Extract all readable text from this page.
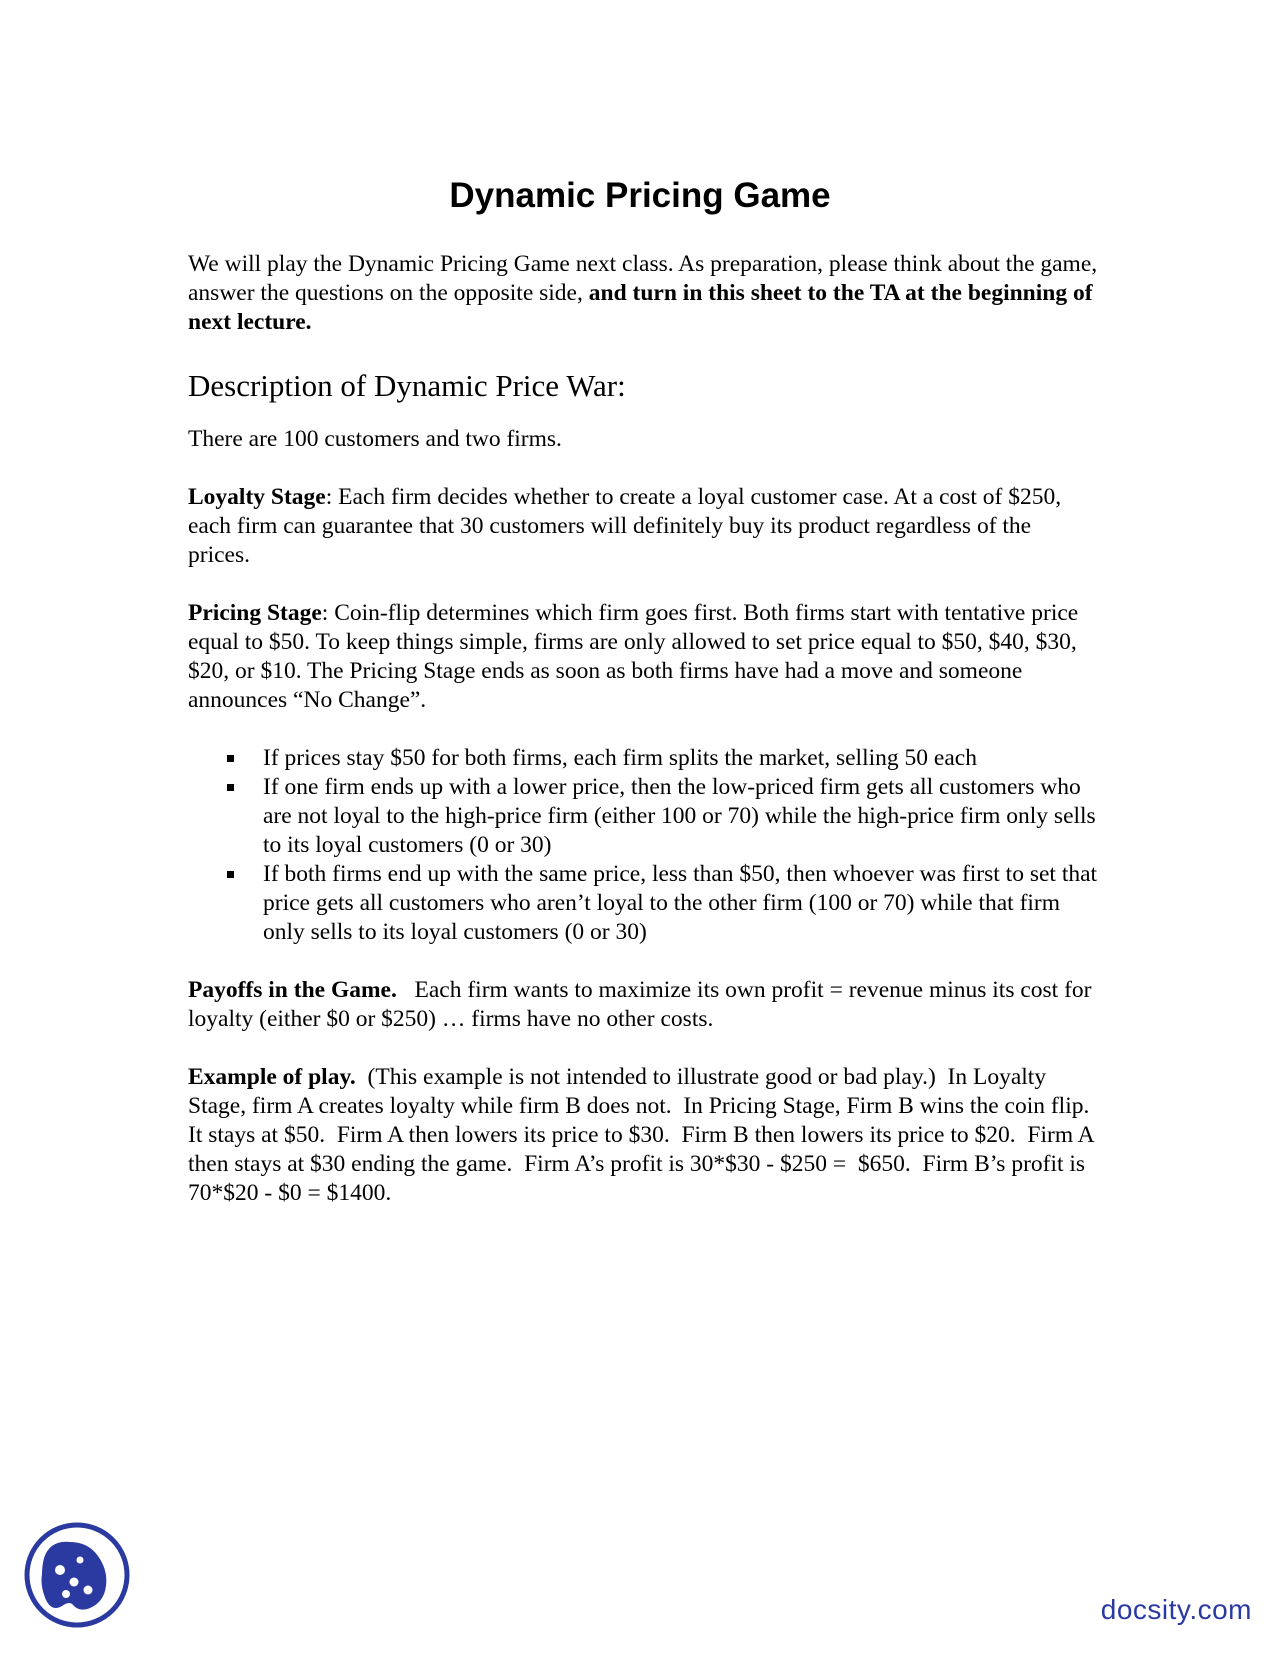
Dynamic Pricing Game

We will play the Dynamic Pricing Game next class. As preparation, please think about the game, answer the questions on the opposite side, and turn in this sheet to the TA at the beginning of next lecture.

Description of Dynamic Price War:

There are 100 customers and two firms.

Loyalty Stage: Each firm decides whether to create a loyal customer case. At a cost of $250, each firm can guarantee that 30 customers will definitely buy its product regardless of the prices.

Pricing Stage: Coin-flip determines which firm goes first. Both firms start with tentative price equal to $50. To keep things simple, firms are only allowed to set price equal to $50, $40, $30, $20, or $10. The Pricing Stage ends as soon as both firms have had a move and someone announces “No Change”.

If prices stay $50 for both firms, each firm splits the market, selling 50 each
If one firm ends up with a lower price, then the low-priced firm gets all customers who are not loyal to the high-price firm (either 100 or 70) while the high-price firm only sells to its loyal customers (0 or 30)
If both firms end up with the same price, less than $50, then whoever was first to set that price gets all customers who aren’t loyal to the other firm (100 or 70) while that firm only sells to its loyal customers (0 or 30)

Payoffs in the Game.   Each firm wants to maximize its own profit = revenue minus its cost for loyalty (either $0 or $250) … firms have no other costs.

Example of play.  (This example is not intended to illustrate good or bad play.)  In Loyalty Stage, firm A creates loyalty while firm B does not.  In Pricing Stage, Firm B wins the coin flip.  It stays at $50.  Firm A then lowers its price to $30.  Firm B then lowers its price to $20.  Firm A then stays at $30 ending the game.  Firm A’s profit is 30*$30 - $250 =  $650.  Firm B’s profit is 70*$20 - $0 = $1400.

docsity.com
